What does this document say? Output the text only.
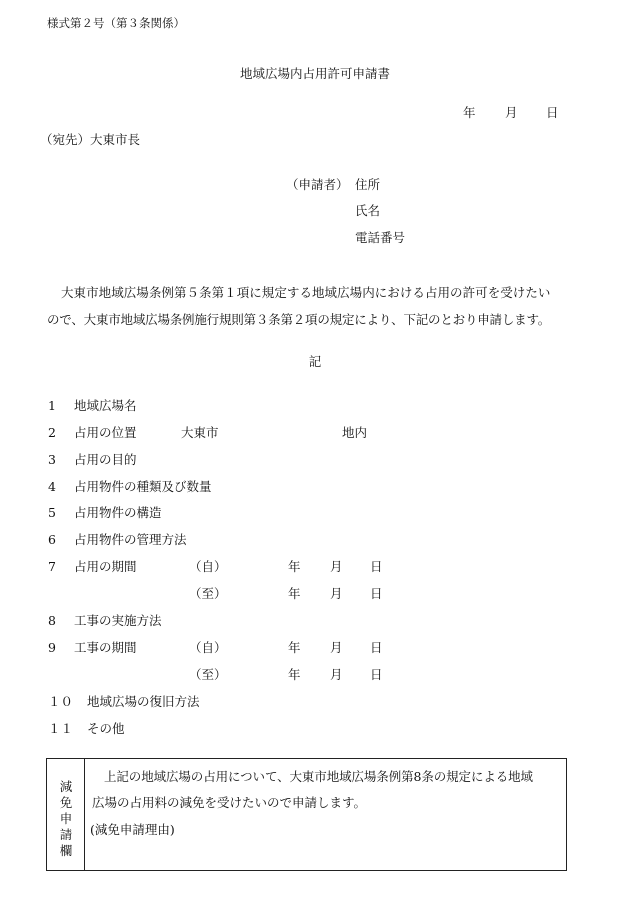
様式第２号（第３条関係）
地域広場内占用許可申請書
年 月 日
（宛先）大東市長
（申請者） 住所
氏名
電話番号
大東市地域広場条例第５条第１項に規定する地域広場内における占用の許可を受けたい
ので、大東市地域広場条例施行規則第３条第２項の規定により、下記のとおり申請します。
記
1 地域広場名
2 占用の位置	大東市	地内
3 占用の目的
4 占用物件の種類及び数量
5 占用物件の構造
6 占用物件の管理方法
7 占用の期間	（自）	年 月 日
（至）	年 月 日
8 工事の実施方法
9 工事の期間	（自）	年 月 日
（至）	年 月 日
１０ 地域広場の復旧方法
１１ その他
減
免
申
請
欄
上記の地域広場の占用について、大東市地域広場条例第8条の規定による地域
広場の占用料の減免を受けたいので申請します。
(減免申請理由)
